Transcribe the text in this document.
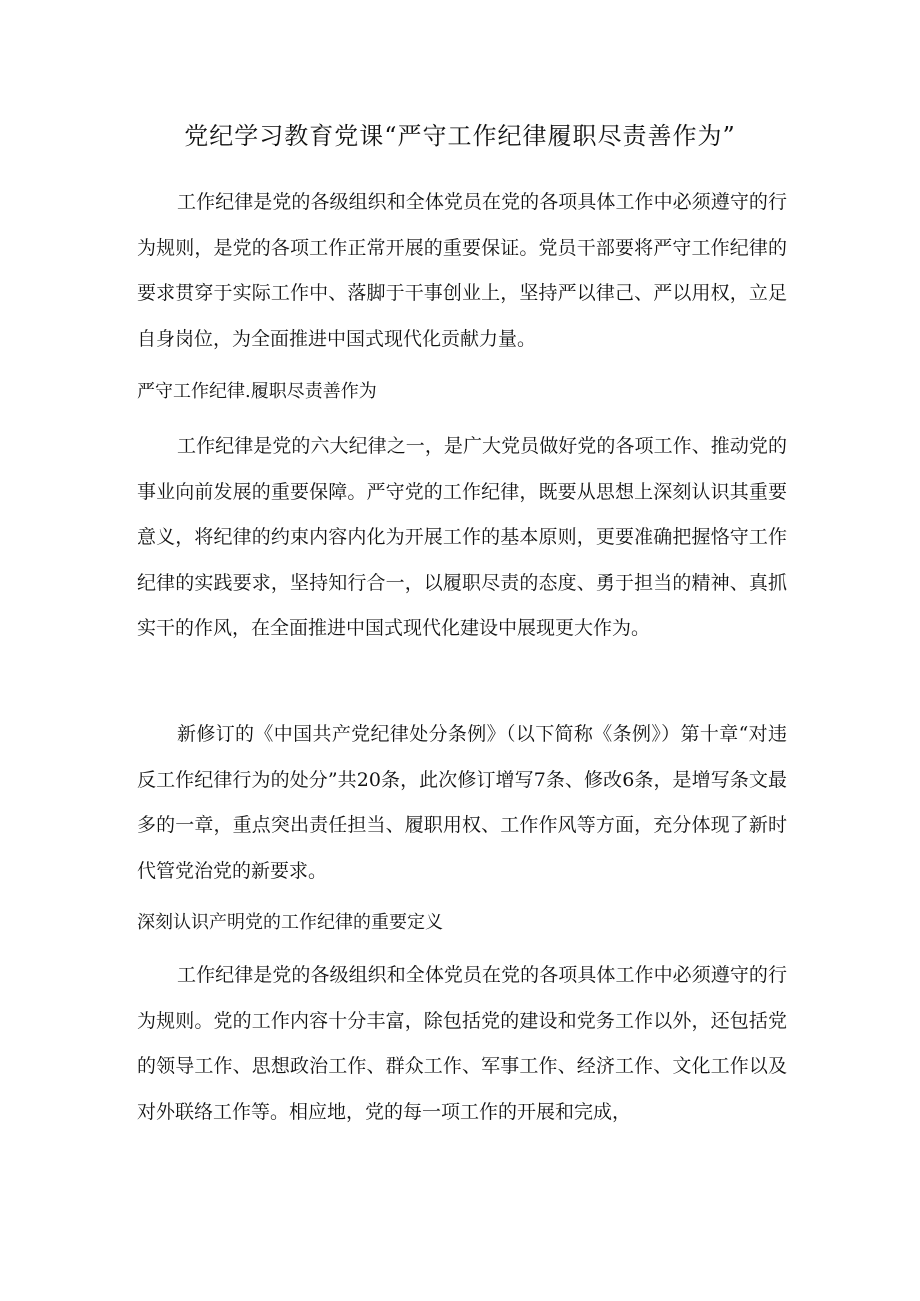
党纪学习教育党课“严守工作纪律履职尽责善作为”

工作纪律是党的各级组织和全体党员在党的各项具体工作中必须遵守的行为规则，是党的各项工作正常开展的重要保证。党员干部要将严守工作纪律的要求贯穿于实际工作中、落脚于干事创业上，坚持严以律己、严以用权，立足自身岗位，为全面推进中国式现代化贡献力量。

严守工作纪律.履职尽责善作为

工作纪律是党的六大纪律之一，是广大党员做好党的各项工作、推动党的事业向前发展的重要保障。严守党的工作纪律，既要从思想上深刻认识其重要意义，将纪律的约束内容内化为开展工作的基本原则，更要准确把握恪守工作纪律的实践要求，坚持知行合一，以履职尽责的态度、勇于担当的精神、真抓实干的作风，在全面推进中国式现代化建设中展现更大作为。

新修订的《中国共产党纪律处分条例》（以下简称《条例》）第十章“对违反工作纪律行为的处分”共20条，此次修订增写7条、修改6条，是增写条文最多的一章，重点突出责任担当、履职用权、工作作风等方面，充分体现了新时代管党治党的新要求。

深刻认识产明党的工作纪律的重要定义

工作纪律是党的各级组织和全体党员在党的各项具体工作中必须遵守的行为规则。党的工作内容十分丰富，除包括党的建设和党务工作以外，还包括党的领导工作、思想政治工作、群众工作、军事工作、经济工作、文化工作以及对外联络工作等。相应地，党的每一项工作的开展和完成，
